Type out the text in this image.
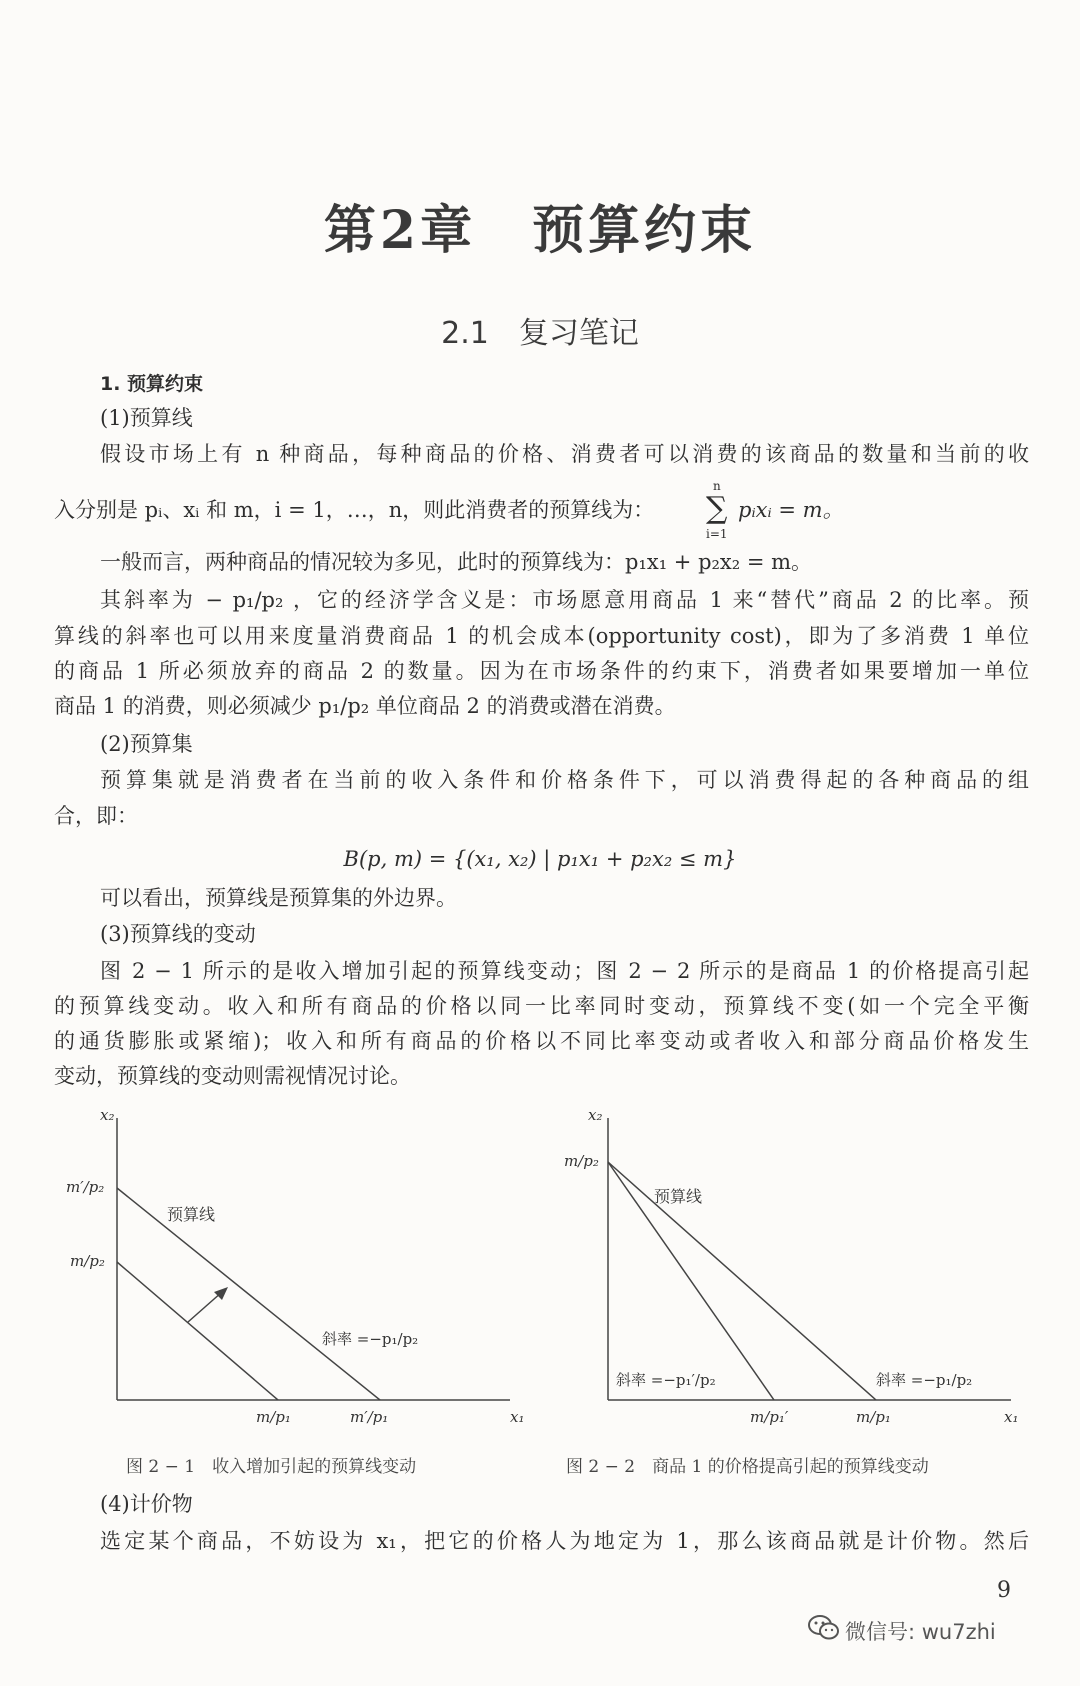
第2章　预算约束
2.1　复习笔记
1. 预算约束
(1)预算线
假设市场上有 n 种商品，每种商品的价格、消费者可以消费的该商品的数量和当前的收
入分别是 pᵢ、xᵢ 和 m，i = 1，…，n，则此消费者的预算线为：
n
∑
i=1
pᵢxᵢ = m。
一般而言，两种商品的情况较为多见，此时的预算线为：p₁x₁ + p₂x₂ = m。
其斜率为 − p₁/p₂ ，它的经济学含义是：市场愿意用商品 1 来“替代”商品 2 的比率。预
算线的斜率也可以用来度量消费商品 1 的机会成本(opportunity cost)，即为了多消费 1 单位
的商品 1 所必须放弃的商品 2 的数量。因为在市场条件的约束下，消费者如果要增加一单位
商品 1 的消费，则必须减少 p₁/p₂ 单位商品 2 的消费或潜在消费。
(2)预算集
预算集就是消费者在当前的收入条件和价格条件下，可以消费得起的各种商品的组
合，即：
B(p, m) = {(x₁, x₂) | p₁x₁ + p₂x₂ ≤ m}
可以看出，预算线是预算集的外边界。
(3)预算线的变动
图 2 − 1 所示的是收入增加引起的预算线变动；图 2 − 2 所示的是商品 1 的价格提高引起
的预算线变动。收入和所有商品的价格以同一比率同时变动，预算线不变(如一个完全平衡
的通货膨胀或紧缩)；收入和所有商品的价格以不同比率变动或者收入和部分商品价格发生
变动，预算线的变动则需视情况讨论。
x₂
x₁
m′/p₂
m/p₂
m/p₁	m′/p₁
预算线
斜率 =−p₁/p₂
图 2 − 1　收入增加引起的预算线变动
x₂
x₁
m/p₂
m/p₁′	m/p₁
预算线
斜率 =−p₁′/p₂	斜率 =−p₁/p₂
图 2 − 2　商品 1 的价格提高引起的预算线变动
(4)计价物
选定某个商品，不妨设为 x₁，把它的价格人为地定为 1，那么该商品就是计价物。然后
9
微信号: wu7zhi
